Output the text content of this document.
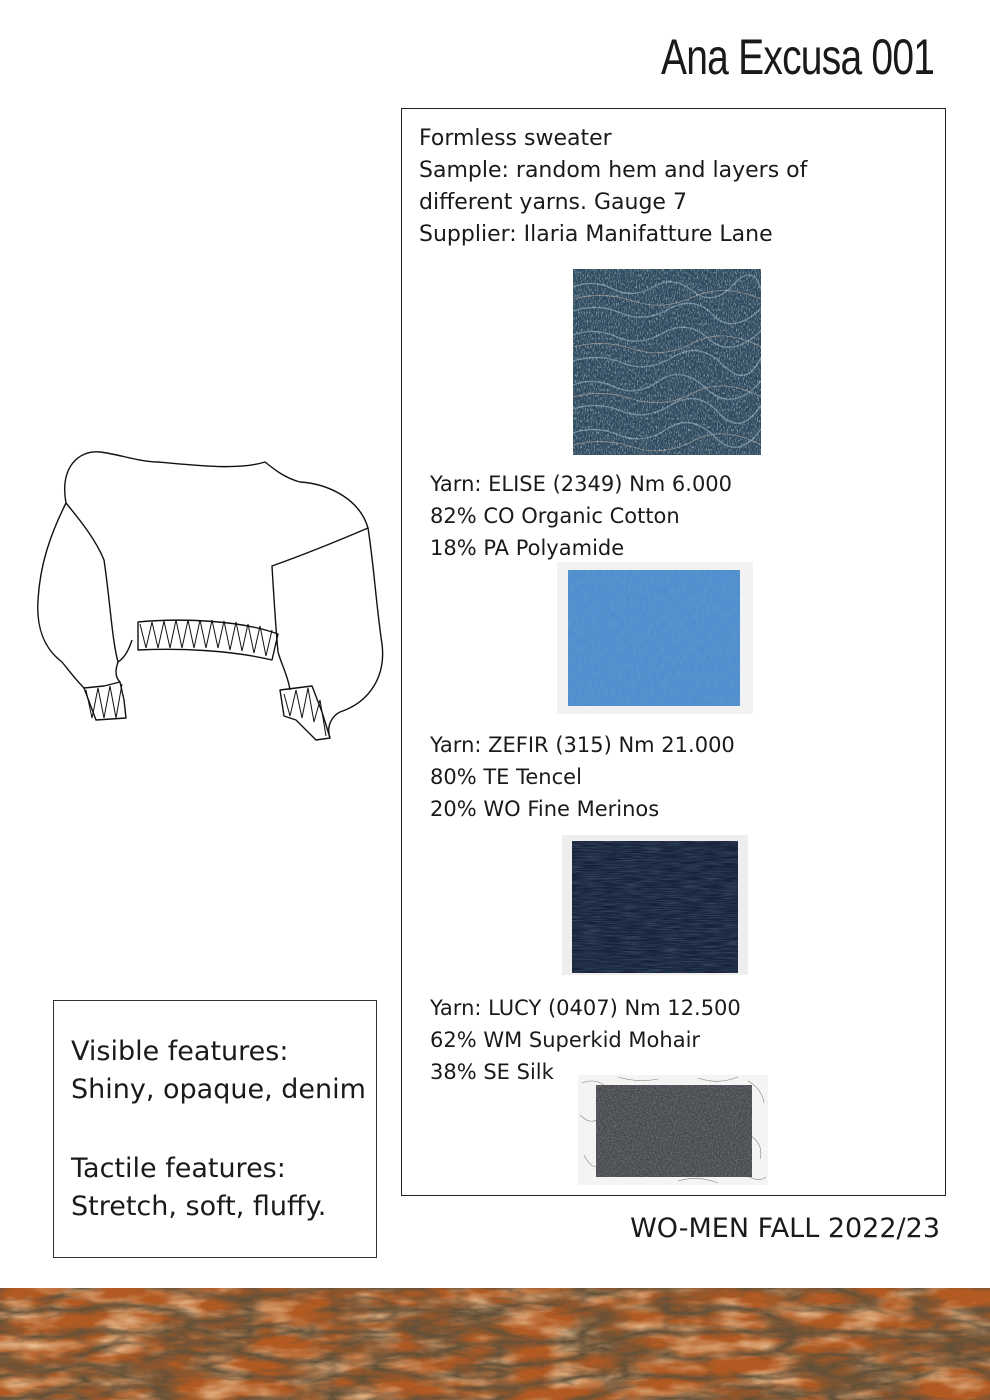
Ana Excusa 001
Formless sweater
Sample: random hem and layers of
different yarns. Gauge 7
Supplier: Ilaria Manifatture Lane
Yarn: ELISE (2349) Nm 6.000
82% CO Organic Cotton
18% PA Polyamide
Yarn: ZEFIR (315) Nm 21.000
80% TE Tencel
20% WO Fine Merinos
Yarn: LUCY (0407) Nm 12.500
62% WM Superkid Mohair
38% SE Silk
Visible features:
Shiny, opaque, denim
Tactile features:
Stretch, soft, fluffy.
WO-MEN FALL 2022/23
